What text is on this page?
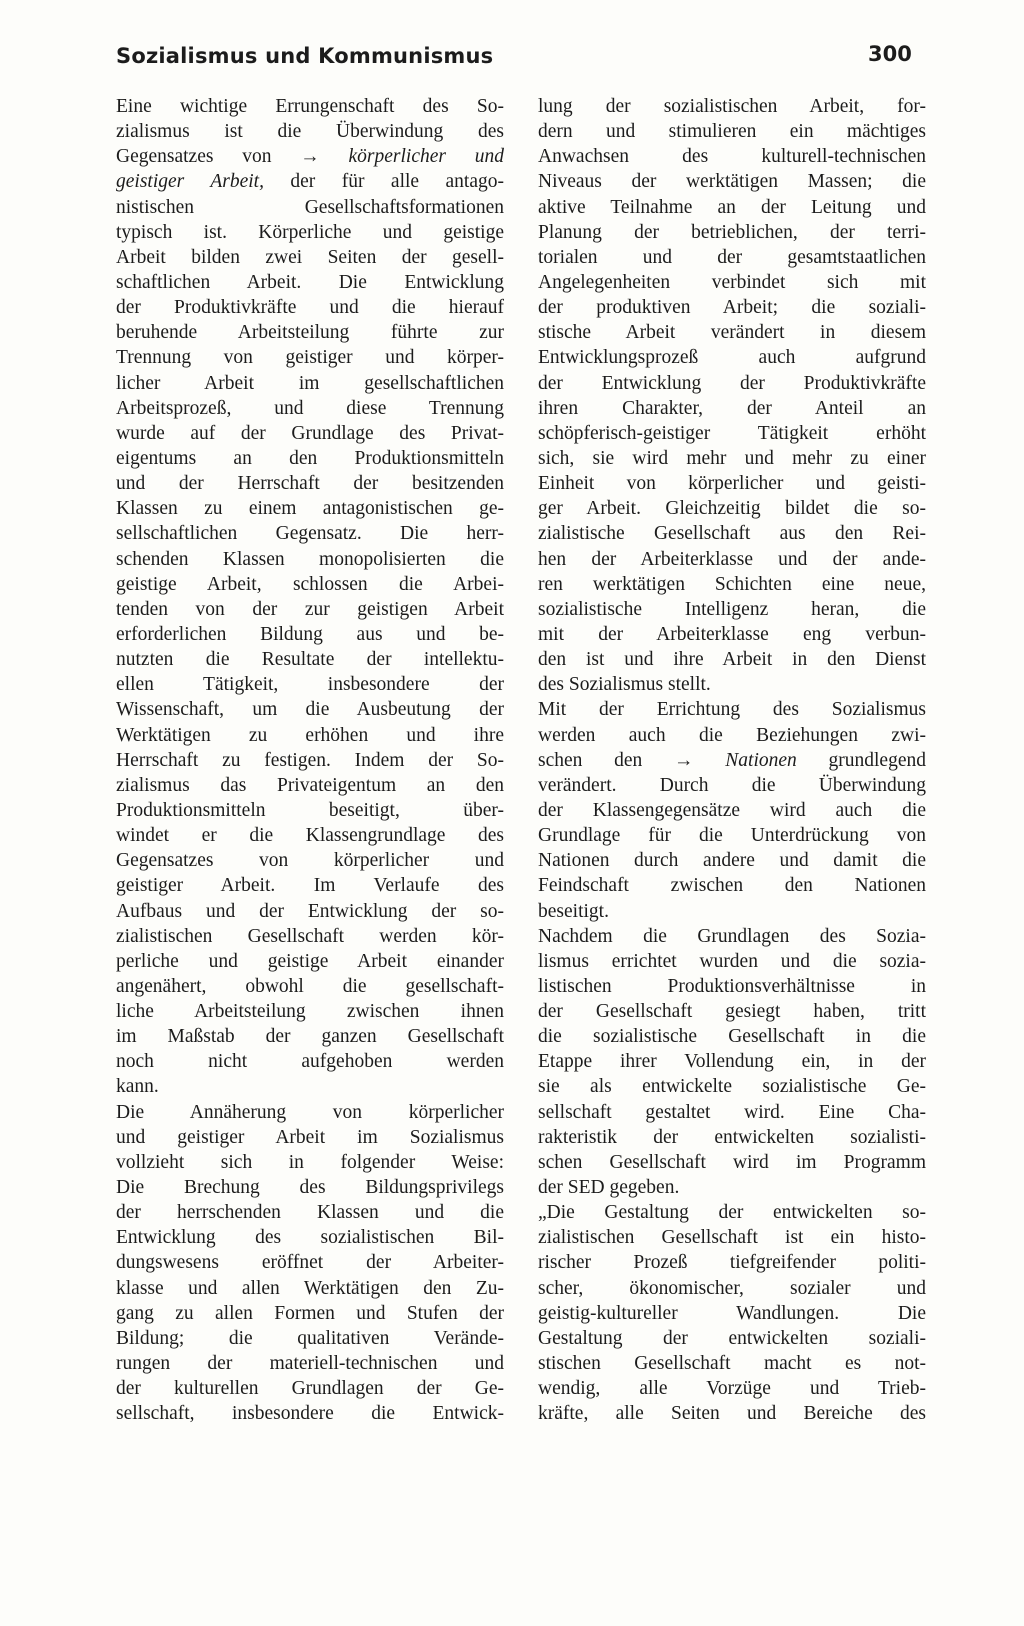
Sozialismus und Kommunismus	300
Eine wichtige Errungenschaft des So-
zialismus ist die Überwindung des
Gegensatzes von → körperlicher und
geistiger Arbeit, der für alle antago-
nistischen Gesellschaftsformationen
typisch ist. Körperliche und geistige
Arbeit bilden zwei Seiten der gesell-
schaftlichen Arbeit. Die Entwicklung
der Produktivkräfte und die hierauf
beruhende Arbeitsteilung führte zur
Trennung von geistiger und körper-
licher Arbeit im gesellschaftlichen
Arbeitsprozeß, und diese Trennung
wurde auf der Grundlage des Privat-
eigentums an den Produktionsmitteln
und der Herrschaft der besitzenden
Klassen zu einem antagonistischen ge-
sellschaftlichen Gegensatz. Die herr-
schenden Klassen monopolisierten die
geistige Arbeit, schlossen die Arbei-
tenden von der zur geistigen Arbeit
erforderlichen Bildung aus und be-
nutzten die Resultate der intellektu-
ellen Tätigkeit, insbesondere der
Wissenschaft, um die Ausbeutung der
Werktätigen zu erhöhen und ihre
Herrschaft zu festigen. Indem der So-
zialismus das Privateigentum an den
Produktionsmitteln beseitigt, über-
windet er die Klassengrundlage des
Gegensatzes von körperlicher und
geistiger Arbeit. Im Verlaufe des
Aufbaus und der Entwicklung der so-
zialistischen Gesellschaft werden kör-
perliche und geistige Arbeit einander
angenähert, obwohl die gesellschaft-
liche Arbeitsteilung zwischen ihnen
im Maßstab der ganzen Gesellschaft
noch nicht aufgehoben werden
kann.
Die Annäherung von körperlicher
und geistiger Arbeit im Sozialismus
vollzieht sich in folgender Weise:
Die Brechung des Bildungsprivilegs
der herrschenden Klassen und die
Entwicklung des sozialistischen Bil-
dungswesens eröffnet der Arbeiter-
klasse und allen Werktätigen den Zu-
gang zu allen Formen und Stufen der
Bildung; die qualitativen Verände-
rungen der materiell-technischen und
der kulturellen Grundlagen der Ge-
sellschaft, insbesondere die Entwick-
lung der sozialistischen Arbeit, for-
dern und stimulieren ein mächtiges
Anwachsen des kulturell-technischen
Niveaus der werktätigen Massen; die
aktive Teilnahme an der Leitung und
Planung der betrieblichen, der terri-
torialen und der gesamtstaatlichen
Angelegenheiten verbindet sich mit
der produktiven Arbeit; die soziali-
stische Arbeit verändert in diesem
Entwicklungsprozeß auch aufgrund
der Entwicklung der Produktivkräfte
ihren Charakter, der Anteil an
schöpferisch-geistiger Tätigkeit erhöht
sich, sie wird mehr und mehr zu einer
Einheit von körperlicher und geisti-
ger Arbeit. Gleichzeitig bildet die so-
zialistische Gesellschaft aus den Rei-
hen der Arbeiterklasse und der ande-
ren werktätigen Schichten eine neue,
sozialistische Intelligenz heran, die
mit der Arbeiterklasse eng verbun-
den ist und ihre Arbeit in den Dienst
des Sozialismus stellt.
Mit der Errichtung des Sozialismus
werden auch die Beziehungen zwi-
schen den → Nationen grundlegend
verändert. Durch die Überwindung
der Klassengegensätze wird auch die
Grundlage für die Unterdrückung von
Nationen durch andere und damit die
Feindschaft zwischen den Nationen
beseitigt.
Nachdem die Grundlagen des Sozia-
lismus errichtet wurden und die sozia-
listischen Produktionsverhältnisse in
der Gesellschaft gesiegt haben, tritt
die sozialistische Gesellschaft in die
Etappe ihrer Vollendung ein, in der
sie als entwickelte sozialistische Ge-
sellschaft gestaltet wird. Eine Cha-
rakteristik der entwickelten sozialisti-
schen Gesellschaft wird im Programm
der SED gegeben.
„Die Gestaltung der entwickelten so-
zialistischen Gesellschaft ist ein histo-
rischer Prozeß tiefgreifender politi-
scher, ökonomischer, sozialer und
geistig-kultureller Wandlungen. Die
Gestaltung der entwickelten soziali-
stischen Gesellschaft macht es not-
wendig, alle Vorzüge und Trieb-
kräfte, alle Seiten und Bereiche des
